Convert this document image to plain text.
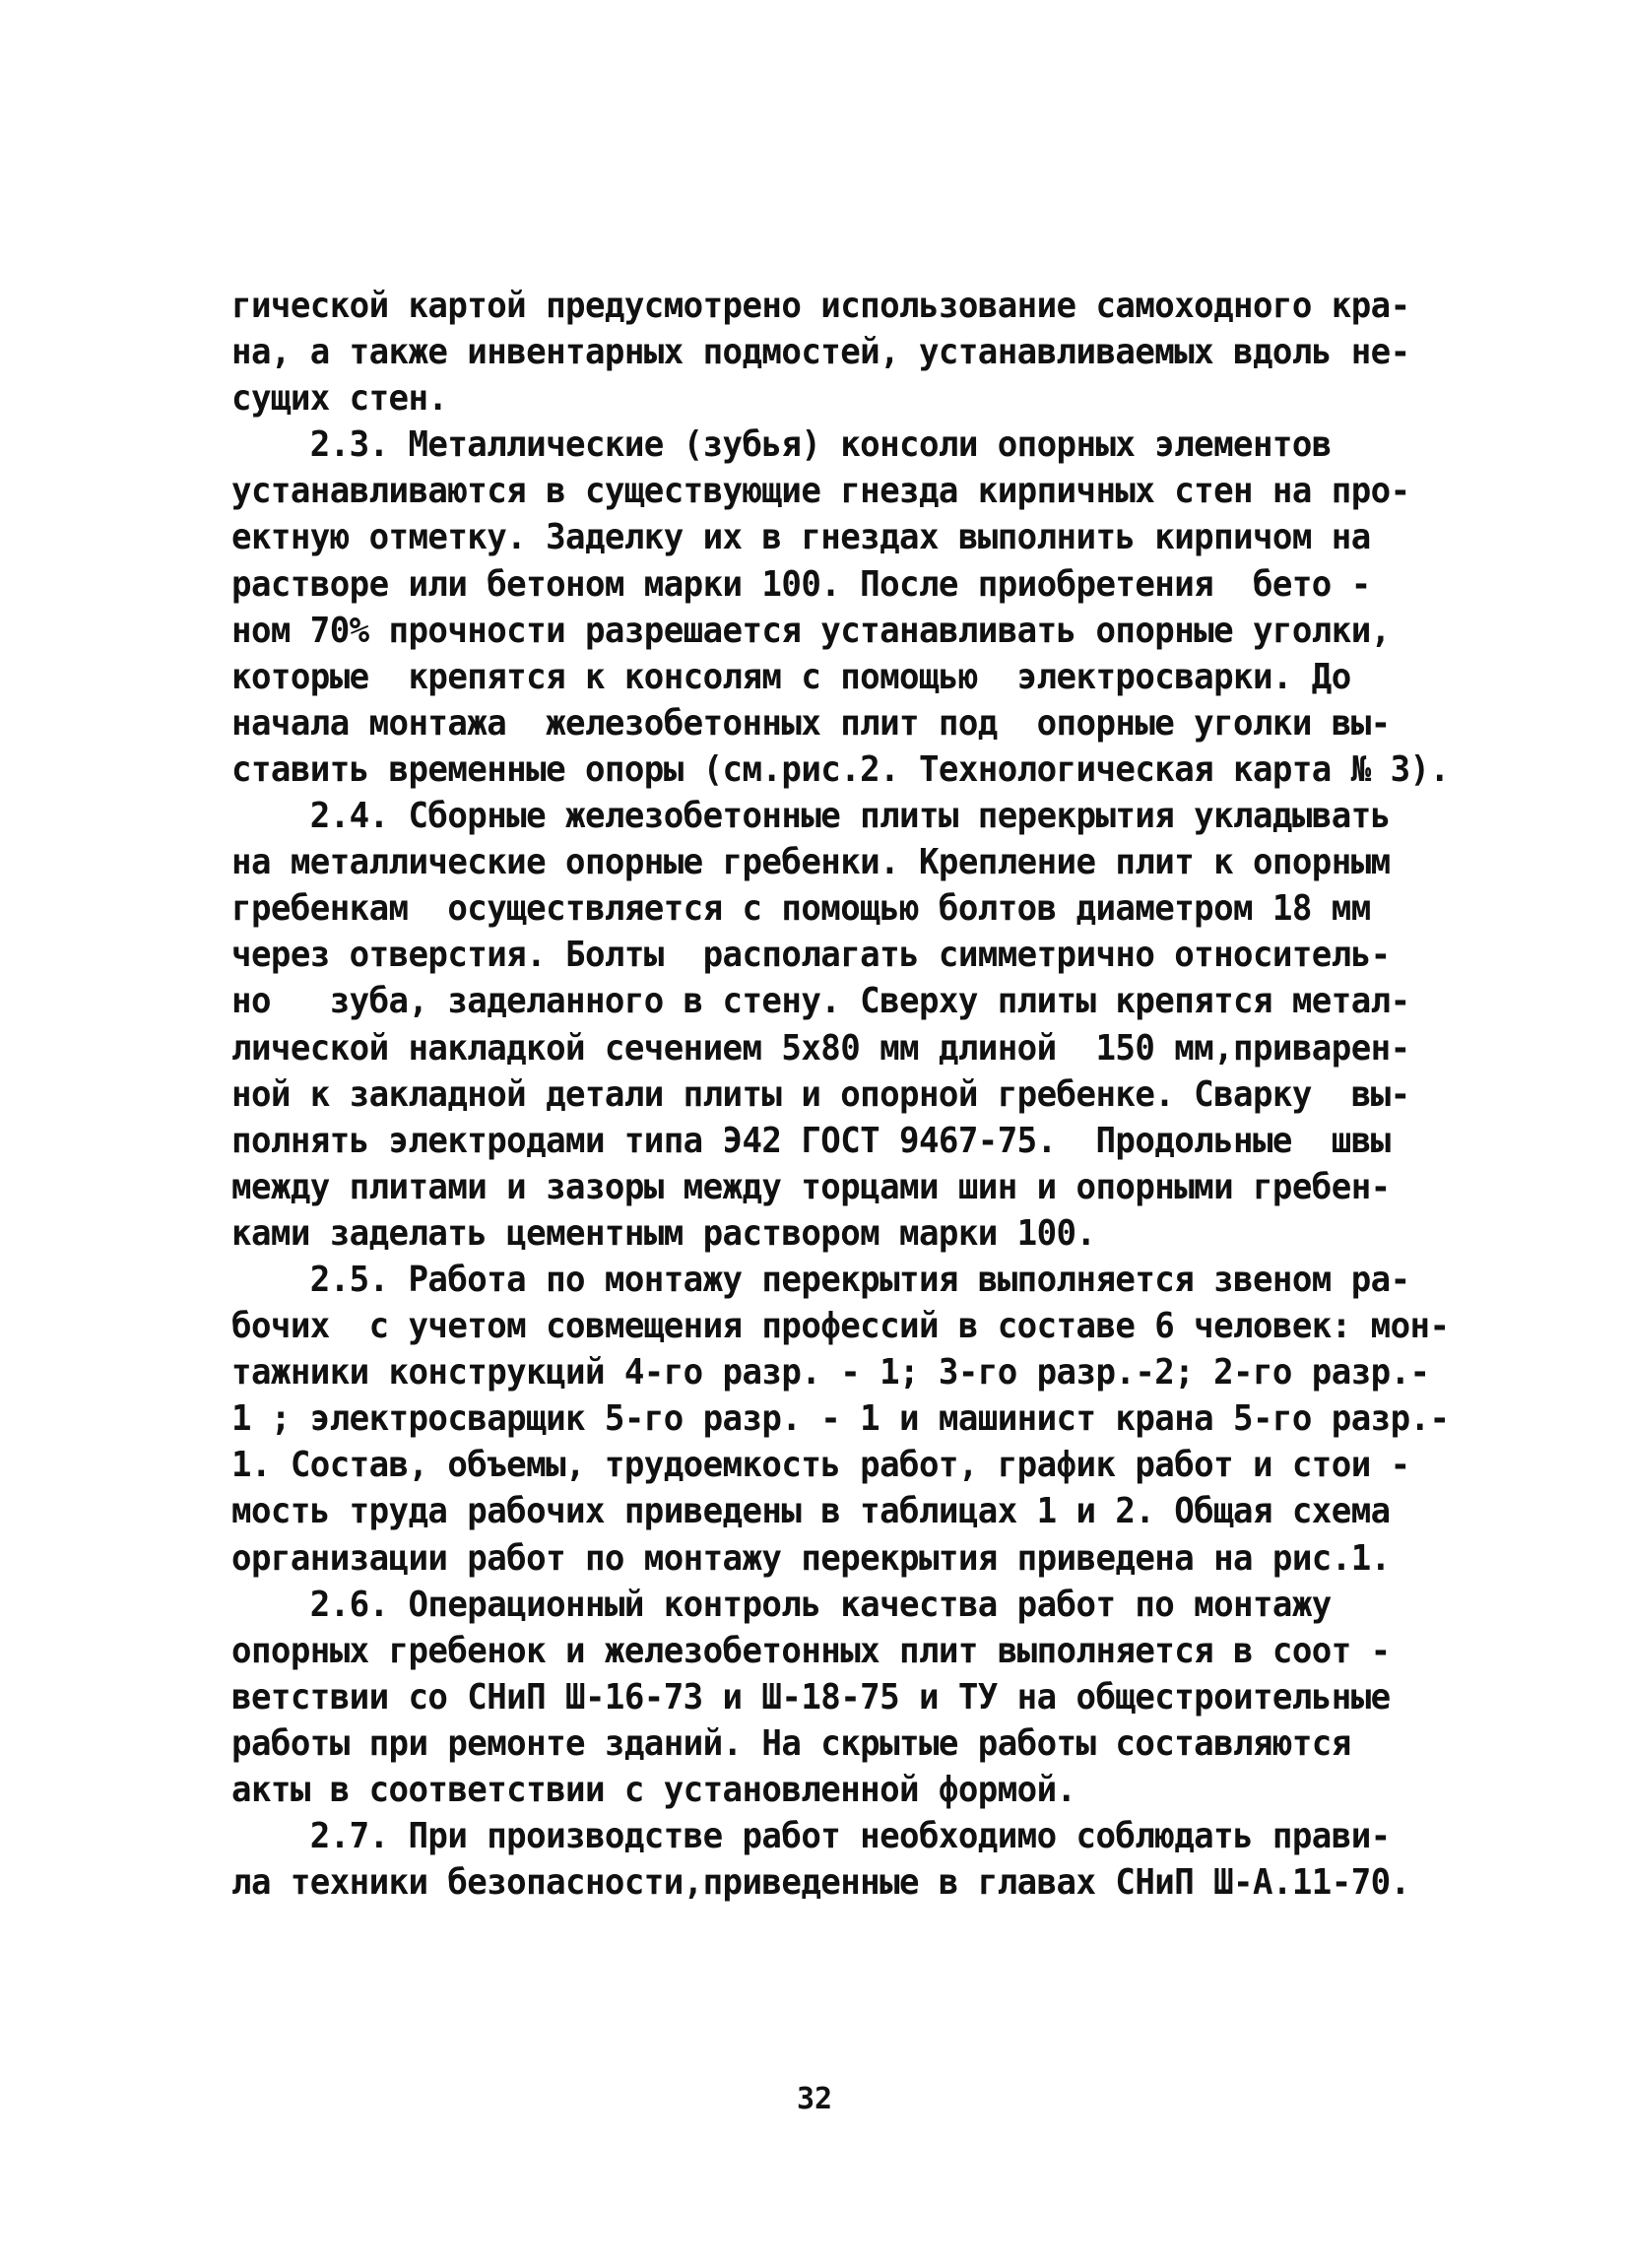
гической картой предусмотрено использование самоходного кра-
на, а также инвентарных подмостей, устанавливаемых вдоль не-
сущих стен.
2.3. Металлические (зубья) консоли опорных элементов
устанавливаются в существующие гнезда кирпичных стен на про-
ектную отметку. Заделку их в гнездах выполнить кирпичом на
растворе или бетоном марки 100. После приобретения  бето -
ном 70% прочности разрешается устанавливать опорные уголки,
которые  крепятся к консолям с помощью  электросварки. До
начала монтажа  железобетонных плит под  опорные уголки вы-
ставить временные опоры (см.рис.2. Технологическая карта № 3).
2.4. Сборные железобетонные плиты перекрытия укладывать
на металлические опорные гребенки. Крепление плит к опорным
гребенкам  осуществляется с помощью болтов диаметром 18 мм
через отверстия. Болты  располагать симметрично относитель-
но   зуба, заделанного в стену. Сверху плиты крепятся метал-
лической накладкой сечением 5х80 мм длиной  150 мм,приварен-
ной к закладной детали плиты и опорной гребенке. Сварку  вы-
полнять электродами типа Э42 ГОСТ 9467-75.  Продольные  швы
между плитами и зазоры между торцами шин и опорными гребен-
ками заделать цементным раствором марки 100.
2.5. Работа по монтажу перекрытия выполняется звеном ра-
бочих  с учетом совмещения профессий в составе 6 человек: мон-
тажники конструкций 4-го разр. - 1; 3-го разр.-2; 2-го разр.-
1 ; электросварщик 5-го разр. - 1 и машинист крана 5-го разр.-
1. Состав, объемы, трудоемкость работ, график работ и стои -
мость труда рабочих приведены в таблицах 1 и 2. Общая схема
организации работ по монтажу перекрытия приведена на рис.1.
2.6. Операционный контроль качества работ по монтажу
опорных гребенок и железобетонных плит выполняется в соот -
ветствии со СНиП Ш-16-73 и Ш-18-75 и ТУ на общестроительные
работы при ремонте зданий. На скрытые работы составляются
акты в соответствии с установленной формой.
2.7. При производстве работ необходимо соблюдать прави-
ла техники безопасности,приведенные в главах СНиП Ш-А.11-70.
32
